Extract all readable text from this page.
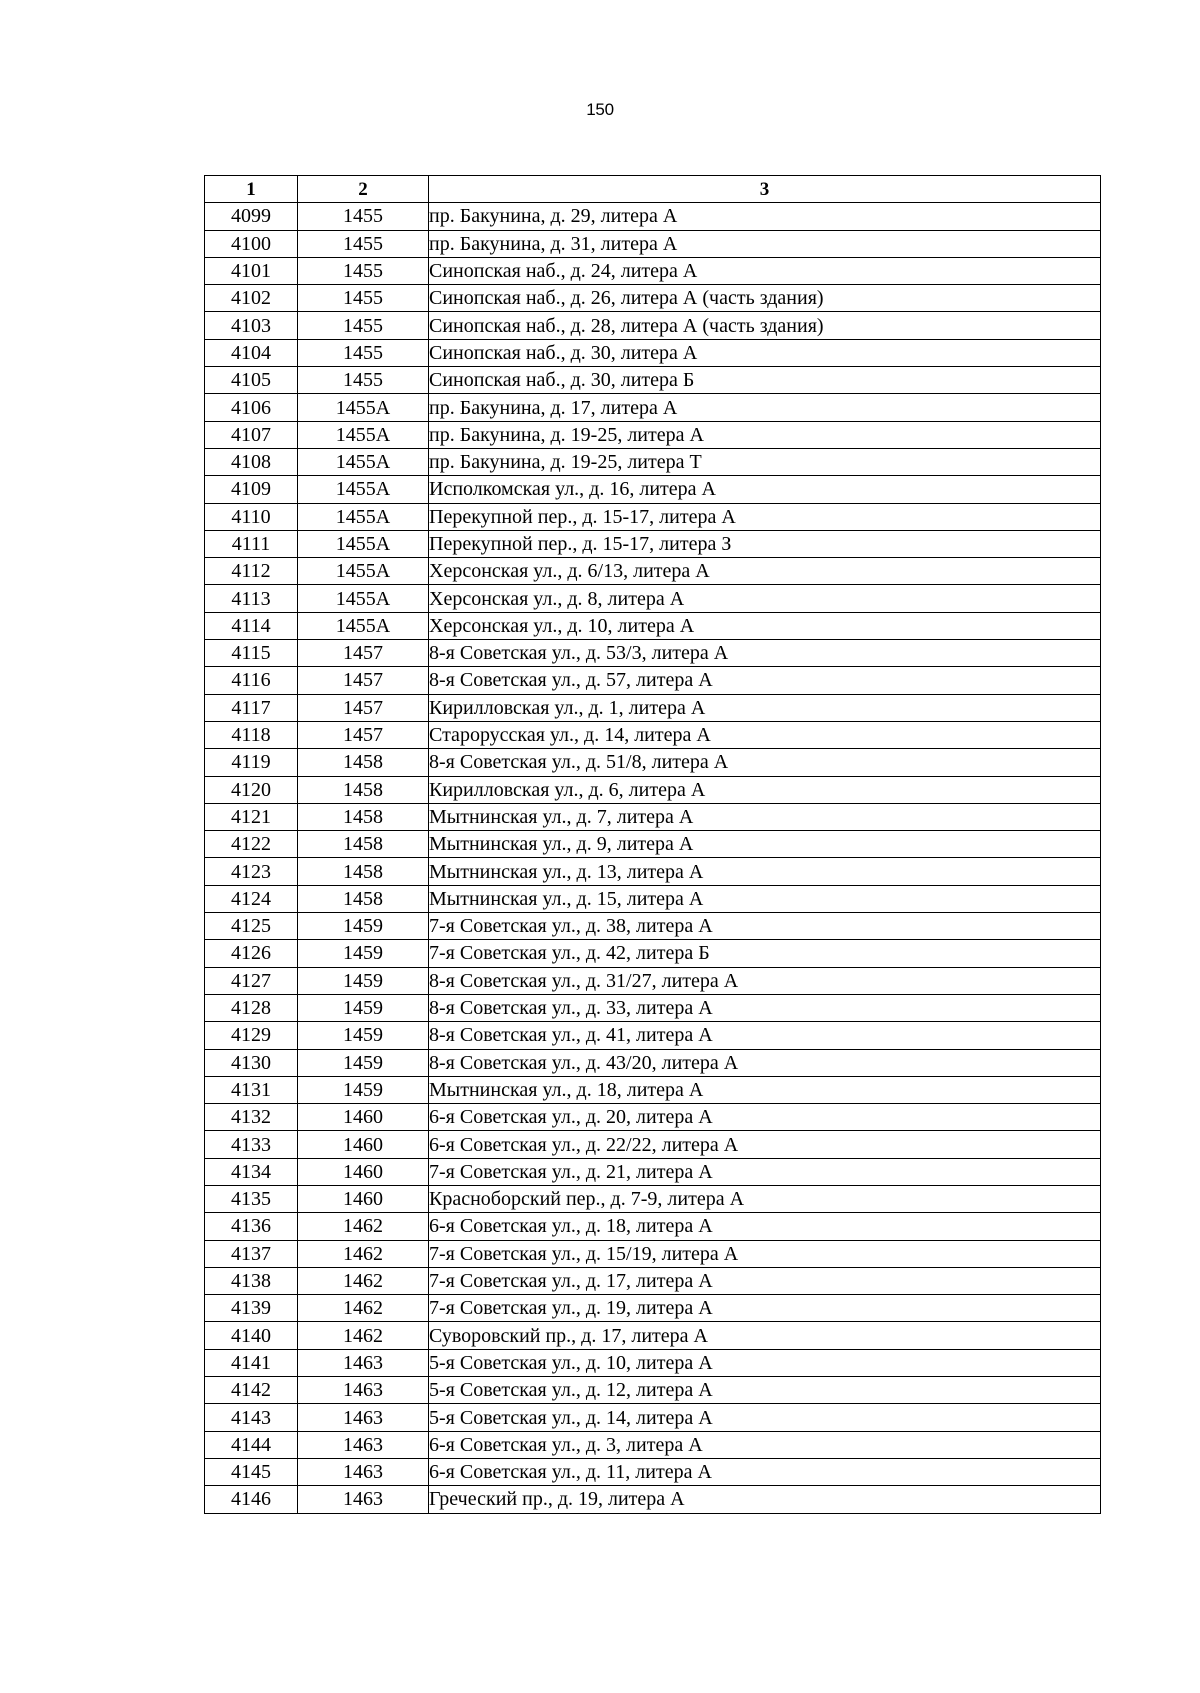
150
1	2	3
4099	1455	пр. Бакунина, д. 29, литера А
4100	1455	пр. Бакунина, д. 31, литера А
4101	1455	Синопская наб., д. 24, литера А
4102	1455	Синопская наб., д. 26, литера А (часть здания)
4103	1455	Синопская наб., д. 28, литера А (часть здания)
4104	1455	Синопская наб., д. 30, литера А
4105	1455	Синопская наб., д. 30, литера Б
4106	1455А	пр. Бакунина, д. 17, литера А
4107	1455А	пр. Бакунина, д. 19-25, литера А
4108	1455А	пр. Бакунина, д. 19-25, литера Т
4109	1455А	Исполкомская ул., д. 16, литера А
4110	1455А	Перекупной пер., д. 15-17, литера А
4111	1455А	Перекупной пер., д. 15-17, литера З
4112	1455А	Херсонская ул., д. 6/13, литера А
4113	1455А	Херсонская ул., д. 8, литера А
4114	1455А	Херсонская ул., д. 10, литера А
4115	1457	8-я Советская ул., д. 53/3, литера А
4116	1457	8-я Советская ул., д. 57, литера А
4117	1457	Кирилловская ул., д. 1, литера А
4118	1457	Старорусская ул., д. 14, литера А
4119	1458	8-я Советская ул., д. 51/8, литера А
4120	1458	Кирилловская ул., д. 6, литера А
4121	1458	Мытнинская ул., д. 7, литера А
4122	1458	Мытнинская ул., д. 9, литера А
4123	1458	Мытнинская ул., д. 13, литера А
4124	1458	Мытнинская ул., д. 15, литера А
4125	1459	7-я Советская ул., д. 38, литера А
4126	1459	7-я Советская ул., д. 42, литера Б
4127	1459	8-я Советская ул., д. 31/27, литера А
4128	1459	8-я Советская ул., д. 33, литера А
4129	1459	8-я Советская ул., д. 41, литера А
4130	1459	8-я Советская ул., д. 43/20, литера А
4131	1459	Мытнинская ул., д. 18, литера А
4132	1460	6-я Советская ул., д. 20, литера А
4133	1460	6-я Советская ул., д. 22/22, литера А
4134	1460	7-я Советская ул., д. 21, литера А
4135	1460	Красноборский пер., д. 7-9, литера А
4136	1462	6-я Советская ул., д. 18, литера А
4137	1462	7-я Советская ул., д. 15/19, литера А
4138	1462	7-я Советская ул., д. 17, литера А
4139	1462	7-я Советская ул., д. 19, литера А
4140	1462	Суворовский пр., д. 17, литера А
4141	1463	5-я Советская ул., д. 10, литера А
4142	1463	5-я Советская ул., д. 12, литера А
4143	1463	5-я Советская ул., д. 14, литера А
4144	1463	6-я Советская ул., д. 3, литера А
4145	1463	6-я Советская ул., д. 11, литера А
4146	1463	Греческий пр., д. 19, литера А
